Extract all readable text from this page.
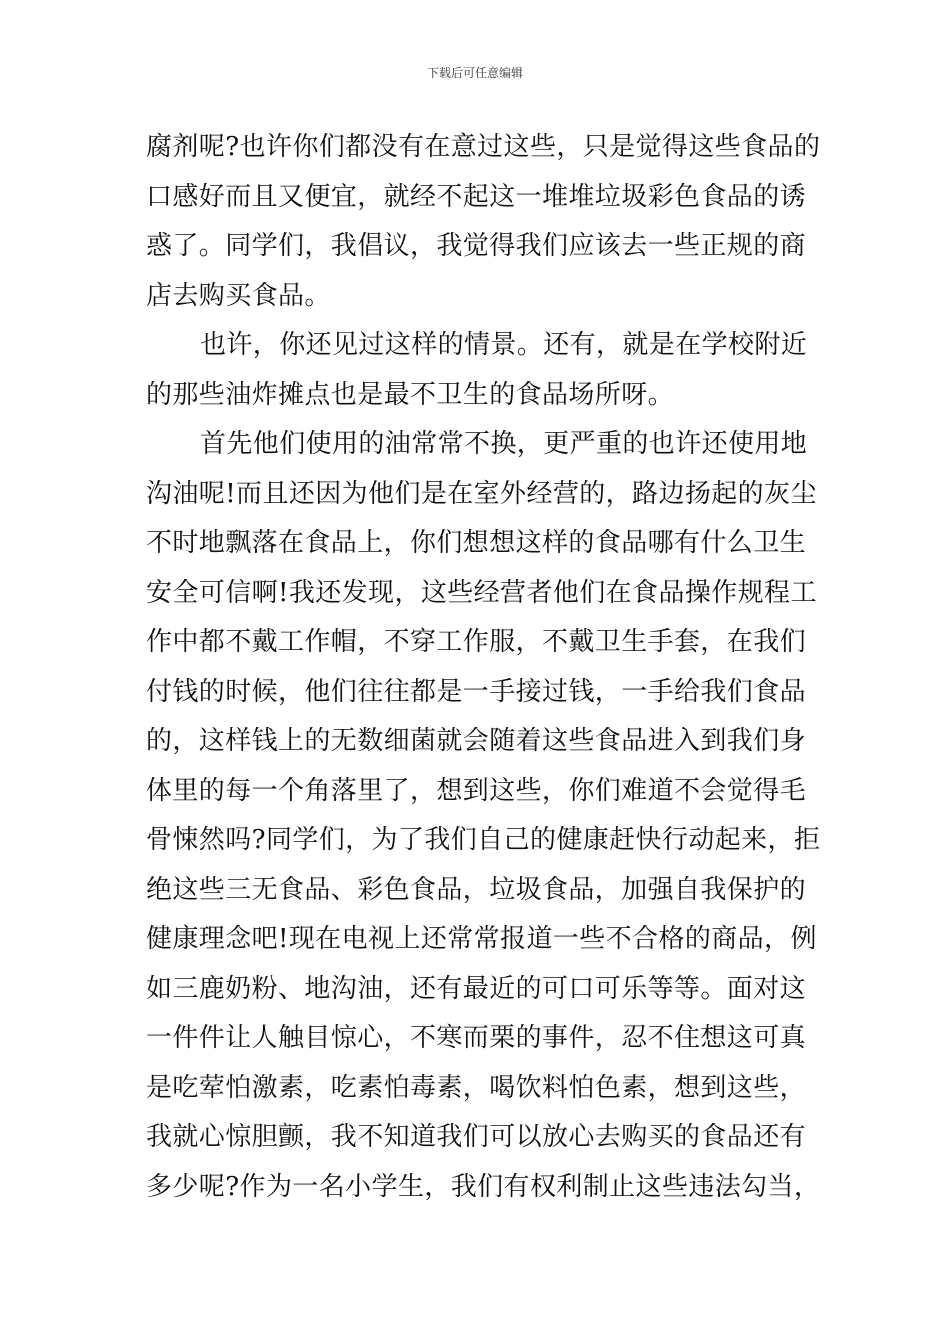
下载后可任意编辑
腐剂呢?也许你们都没有在意过这些，只是觉得这些食品的
口感好而且又便宜，就经不起这一堆堆垃圾彩色食品的诱
惑了。同学们，我倡议，我觉得我们应该去一些正规的商
店去购买食品。
也许，你还见过这样的情景。还有，就是在学校附近
的那些油炸摊点也是最不卫生的食品场所呀。
首先他们使用的油常常不换，更严重的也许还使用地
沟油呢!而且还因为他们是在室外经营的，路边扬起的灰尘
不时地飘落在食品上，你们想想这样的食品哪有什么卫生
安全可信啊!我还发现，这些经营者他们在食品操作规程工
作中都不戴工作帽，不穿工作服，不戴卫生手套，在我们
付钱的时候，他们往往都是一手接过钱，一手给我们食品
的，这样钱上的无数细菌就会随着这些食品进入到我们身
体里的每一个角落里了，想到这些，你们难道不会觉得毛
骨悚然吗?同学们，为了我们自己的健康赶快行动起来，拒
绝这些三无食品、彩色食品，垃圾食品，加强自我保护的
健康理念吧!现在电视上还常常报道一些不合格的商品，例
如三鹿奶粉、地沟油，还有最近的可口可乐等等。面对这
一件件让人触目惊心，不寒而栗的事件，忍不住想这可真
是吃荤怕激素，吃素怕毒素，喝饮料怕色素，想到这些，
我就心惊胆颤，我不知道我们可以放心去购买的食品还有
多少呢?作为一名小学生，我们有权利制止这些违法勾当，
